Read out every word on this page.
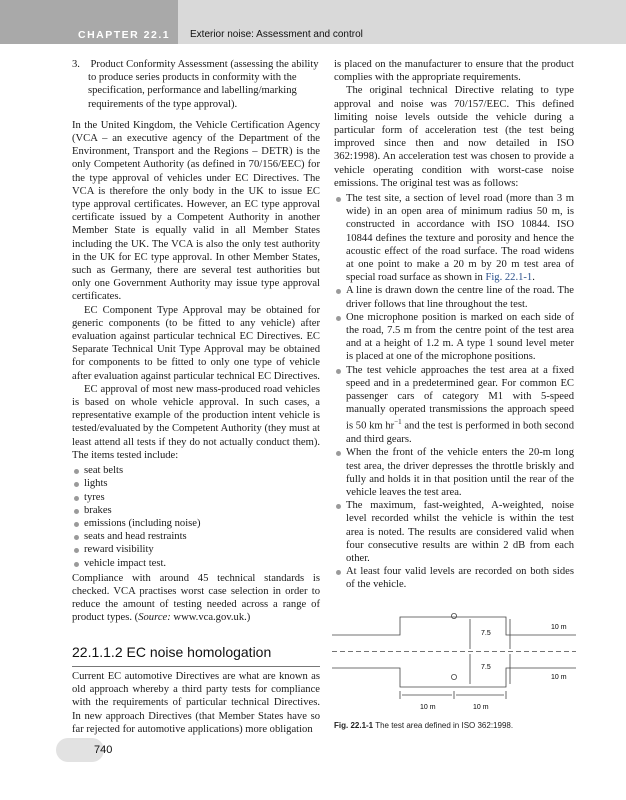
CHAPTER 22.1 Exterior noise: Assessment and control

3. Product Conformity Assessment (assessing the ability to produce series products in conformity with the specification, performance and labelling/marking requirements of the type approval).

In the United Kingdom, the Vehicle Certification Agency (VCA – an executive agency of the Department of the Environment, Transport and the Regions – DETR) is the only Competent Authority (as defined in 70/156/EEC) for the type approval of vehicles under EC Directives. The VCA is therefore the only body in the UK to issue EC type approval certificates. However, an EC type approval certificate issued by a Competent Authority in another Member State is equally valid in all Member States including the UK. The VCA is also the only test authority in the UK for EC type approval. In other Member States, such as Germany, there are several test authorities but only one Government Authority may issue type approval certificates.

EC Component Type Approval may be obtained for generic components (to be fitted to any vehicle) after evaluation against particular technical EC Directives. EC Separate Technical Unit Type Approval may be obtained for components to be fitted to only one type of vehicle after evaluation against particular technical EC Directives.

EC approval of most new mass-produced road vehicles is based on whole vehicle approval. In such cases, a representative example of the production intent vehicle is tested/evaluated by the Competent Authority (they must at least attend all tests if they do not actually conduct them). The items tested include:

seat belts
lights
tyres
brakes
emissions (including noise)
seats and head restraints
reward visibility
vehicle impact test.

Compliance with around 45 technical standards is checked. VCA practises worst case selection in order to reduce the amount of testing needed across a range of product types. (Source: www.vca.gov.uk.)

22.1.1.2 EC noise homologation

Current EC automotive Directives are what are known as old approach whereby a third party tests for compliance with the requirements of particular technical Directives. In new approach Directives (that Member States have so far rejected for automotive applications) more obligation

is placed on the manufacturer to ensure that the product complies with the appropriate requirements.

The original technical Directive relating to type approval and noise was 70/157/EEC. This defined limiting noise levels outside the vehicle during a particular form of acceleration test (the test being improved since then and now detailed in ISO 362:1998). An acceleration test was chosen to provide a vehicle operating condition with worst-case noise emissions. The original test was as follows:

The test site, a section of level road (more than 3 m wide) in an open area of minimum radius 50 m, is constructed in accordance with ISO 10844. ISO 10844 defines the texture and porosity and hence the acoustic effect of the road surface. The road widens at one point to make a 20 m by 20 m test area of special road surface as shown in Fig. 22.1-1.
A line is drawn down the centre line of the road. The driver follows that line throughout the test.
One microphone position is marked on each side of the road, 7.5 m from the centre point of the test area and at a height of 1.2 m. A type 1 sound level meter is placed at one of the microphone positions.
The test vehicle approaches the test area at a fixed speed and in a predetermined gear. For common EC passenger cars of category M1 with 5-speed manually operated transmissions the approach speed is 50 km $hr^{-1}$ and the test is performed in both second and third gears.
When the front of the vehicle enters the 20-m long test area, the driver depresses the throttle briskly and fully and holds it in that position until the rear of the vehicle leaves the test area.
The maximum, fast-weighted, A-weighted, noise level recorded whilst the vehicle is within the test area is noted. The results are considered valid when four consecutive results are within 2 dB from each other.
At least four valid levels are recorded on both sides of the vehicle.
7.5
7.5
10 m
10 m
10 m	10 m
Fig. 22.1-1 The test area defined in ISO 362:1998.
740
